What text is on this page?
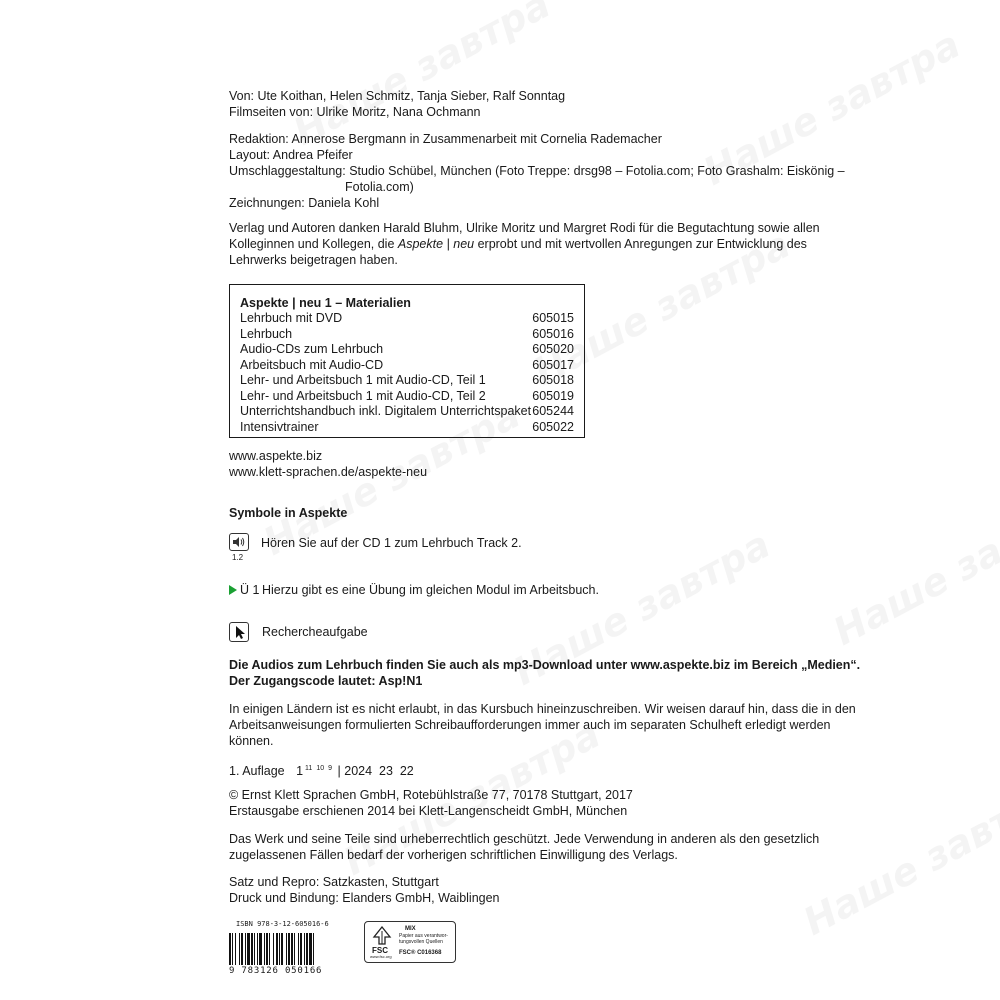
Von: Ute Koithan, Helen Schmitz, Tanja Sieber, Ralf Sonntag
Filmseiten von: Ulrike Moritz, Nana Ochmann
Redaktion: Annerose Bergmann in Zusammenarbeit mit Cornelia Rademacher
Layout: Andrea Pfeifer
Umschlaggestaltung: Studio Schübel, München (Foto Treppe: drsg98 – Fotolia.com; Foto Grashalm: Eiskönig –
Fotolia.com)
Zeichnungen: Daniela Kohl
Verlag und Autoren danken Harald Bluhm, Ulrike Moritz und Margret Rodi für die Begutachtung sowie allen
Kolleginnen und Kollegen, die Aspekte | neu erprobt und mit wertvollen Anregungen zur Entwicklung des
Lehrwerks beigetragen haben.
Aspekte | neu 1 – Materialien
Lehrbuch mit DVD	605015
Lehrbuch	605016
Audio-CDs zum Lehrbuch	605020
Arbeitsbuch mit Audio-CD	605017
Lehr- und Arbeitsbuch 1 mit Audio-CD, Teil 1	605018
Lehr- und Arbeitsbuch 1 mit Audio-CD, Teil 2	605019
Unterrichtshandbuch inkl. Digitalem Unterrichtspaket 605244
Intensivtrainer	605022
www.aspekte.biz
www.klett-sprachen.de/aspekte-neu
Symbole in Aspekte
1.2
Hören Sie auf der CD 1 zum Lehrbuch Track 2.
Ü 1 Hierzu gibt es eine Übung im gleichen Modul im Arbeitsbuch.
Rechercheaufgabe
Die Audios zum Lehrbuch finden Sie auch als mp3-Download unter www.aspekte.biz im Bereich „Medien“.
Der Zugangscode lautet: Asp!N1
In einigen Ländern ist es nicht erlaubt, in das Kursbuch hineinzuschreiben. Wir weisen darauf hin, dass die in den
Arbeitsanweisungen formulierten Schreibaufforderungen immer auch im separaten Schulheft erledigt werden
können.
1. Auflage 1 $^{11}$ $^{10}$ $^9$ | 2024  23  22
© Ernst Klett Sprachen GmbH, Rotebühlstraße 77, 70178 Stuttgart, 2017
Erstausgabe erschienen 2014 bei Klett-Langenscheidt GmbH, München
Das Werk und seine Teile sind urheberrechtlich geschützt. Jede Verwendung in anderen als den gesetzlich
zugelassenen Fällen bedarf der vorherigen schriftlichen Einwilligung des Verlags.
Satz und Repro: Satzkasten, Stuttgart
Druck und Bindung: Elanders GmbH, Waiblingen
ISBN 978-3-12-605016-6
9 783126 050166
FSC
www.fsc.org
MIX
Papier aus verantwor-
tungsvollen Quellen
FSC® C016368
